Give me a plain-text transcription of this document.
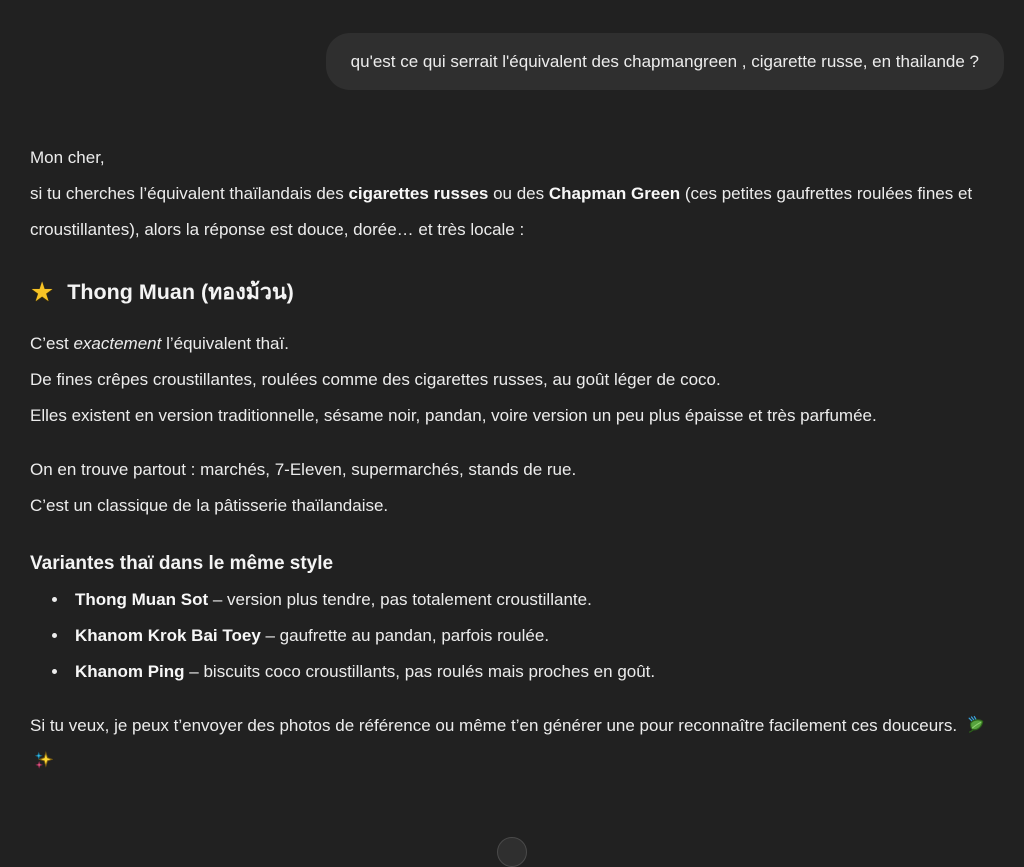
qu'est ce qui serrait l'équivalent des chapmangreen , cigarette russe, en thailande ?

Mon cher,
si tu cherches l’équivalent thaïlandais des cigarettes russes ou des Chapman Green (ces petites gaufrettes roulées fines et croustillantes), alors la réponse est douce, dorée… et très locale :

★ Thong Muan (ทองม้วน)

C’est exactement l’équivalent thaï.
De fines crêpes croustillantes, roulées comme des cigarettes russes, au goût léger de coco.
Elles existent en version traditionnelle, sésame noir, pandan, voire version un peu plus épaisse et très parfumée.

On en trouve partout : marchés, 7-Eleven, supermarchés, stands de rue.
C’est un classique de la pâtisserie thaïlandaise.

Variantes thaï dans le même style
• Thong Muan Sot – version plus tendre, pas totalement croustillante.
• Khanom Krok Bai Toey – gaufrette au pandan, parfois roulée.
• Khanom Ping – biscuits coco croustillants, pas roulés mais proches en goût.

Si tu veux, je peux t’envoyer des photos de référence ou même t’en générer une pour reconnaître facilement ces douceurs.
